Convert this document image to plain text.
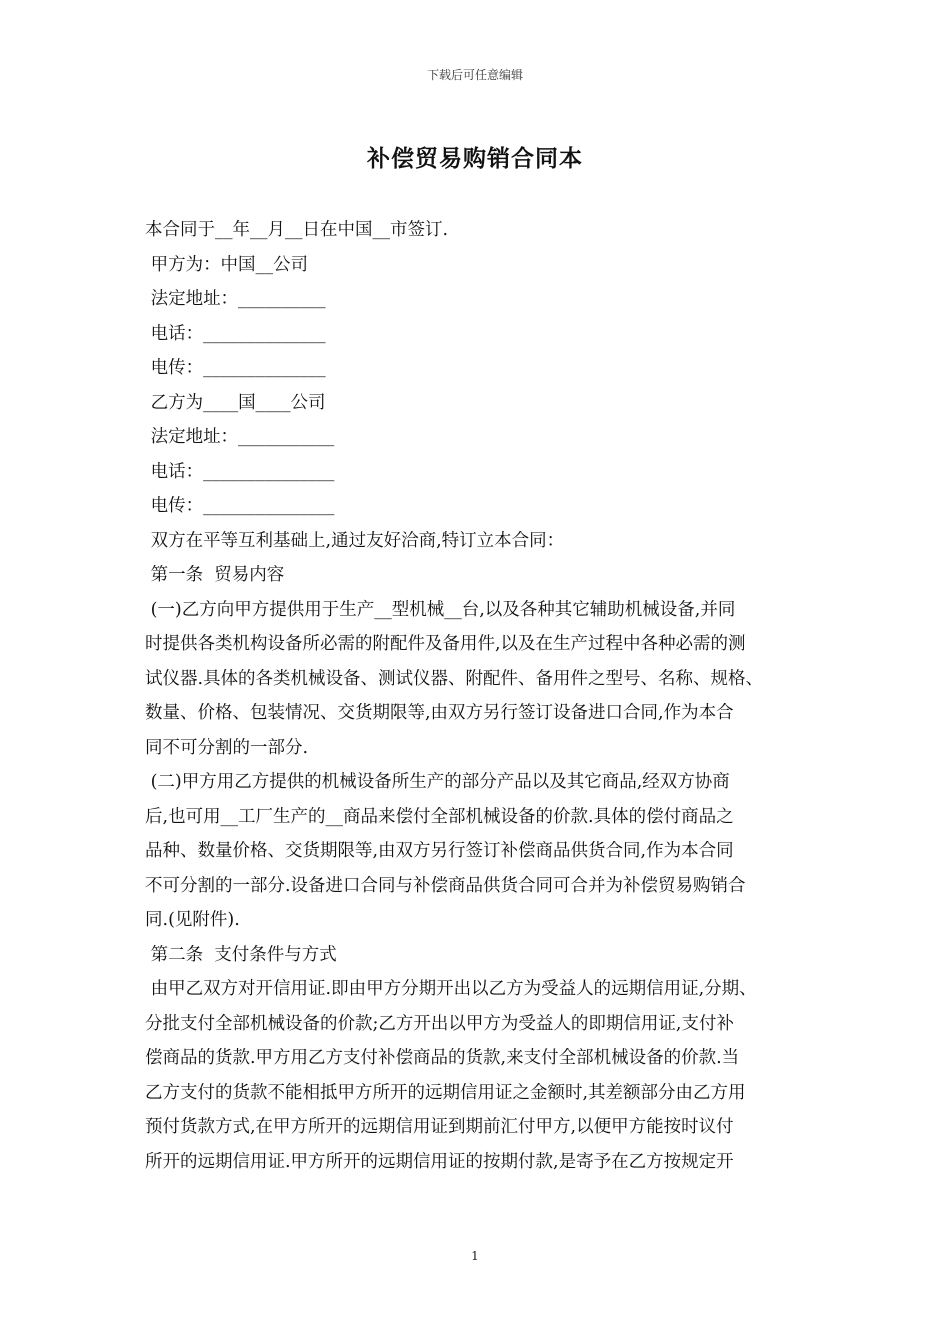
下载后可任意编辑
补偿贸易购销合同本
本合同于__年__月__日在中国__市签订.
甲方为：中国__公司
法定地址：__________
电话：______________
电传：______________
乙方为____国____公司
法定地址：___________
电话：_______________
电传：_______________
双方在平等互利基础上,通过友好洽商,特订立本合同：
第一条  贸易内容
(一)乙方向甲方提供用于生产__型机械__台,以及各种其它辅助机械设备,并同
时提供各类机构设备所必需的附配件及备用件,以及在生产过程中各种必需的测
试仪器.具体的各类机械设备、测试仪器、附配件、备用件之型号、名称、规格、
数量、价格、包装情况、交货期限等,由双方另行签订设备进口合同,作为本合
同不可分割的一部分.
(二)甲方用乙方提供的机械设备所生产的部分产品以及其它商品,经双方协商
后,也可用__工厂生产的__商品来偿付全部机械设备的价款.具体的偿付商品之
品种、数量价格、交货期限等,由双方另行签订补偿商品供货合同,作为本合同
不可分割的一部分.设备进口合同与补偿商品供货合同可合并为补偿贸易购销合
同.(见附件).
第二条  支付条件与方式
由甲乙双方对开信用证.即由甲方分期开出以乙方为受益人的远期信用证,分期、
分批支付全部机械设备的价款;乙方开出以甲方为受益人的即期信用证,支付补
偿商品的货款.甲方用乙方支付补偿商品的货款,来支付全部机械设备的价款.当
乙方支付的货款不能相抵甲方所开的远期信用证之金额时,其差额部分由乙方用
预付货款方式,在甲方所开的远期信用证到期前汇付甲方,以便甲方能按时议付
所开的远期信用证.甲方所开的远期信用证的按期付款,是寄予在乙方按规定开
1
